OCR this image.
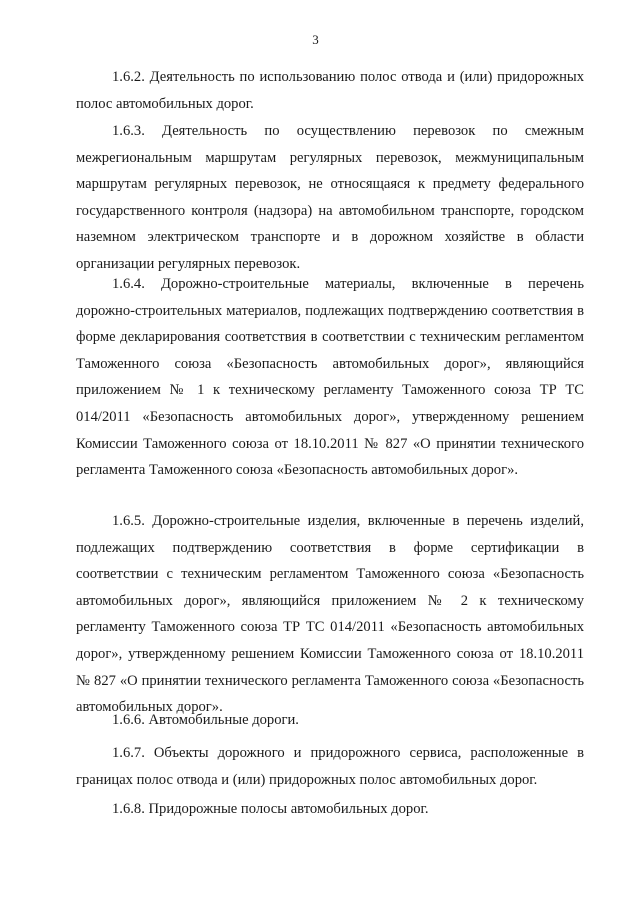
3

1.6.2. Деятельность по использованию полос отвода и (или) придорожных полос автомобильных дорог.

1.6.3. Деятельность по осуществлению перевозок по смежным межрегиональным маршрутам регулярных перевозок, межмуниципальным маршрутам регулярных перевозок, не относящаяся к предмету федерального государственного контроля (надзора) на автомобильном транспорте, городском наземном электрическом транспорте и в дорожном хозяйстве в области организации регулярных перевозок.

1.6.4. Дорожно-строительные материалы, включенные в перечень дорожно-строительных материалов, подлежащих подтверждению соответствия в форме декларирования соответствия в соответствии с техническим регламентом Таможенного союза «Безопасность автомобильных дорог», являющийся приложением № 1 к техническому регламенту Таможенного союза ТР ТС 014/2011 «Безопасность автомобильных дорог», утвержденному решением Комиссии Таможенного союза от 18.10.2011 № 827 «О принятии технического регламента Таможенного союза «Безопасность автомобильных дорог».

1.6.5. Дорожно-строительные изделия, включенные в перечень изделий, подлежащих подтверждению соответствия в форме сертификации в соответствии с техническим регламентом Таможенного союза «Безопасность автомобильных дорог», являющийся приложением № 2 к техническому регламенту Таможенного союза ТР ТС 014/2011 «Безопасность автомобильных дорог», утвержденному решением Комиссии Таможенного союза от 18.10.2011 № 827 «О принятии технического регламента Таможенного союза «Безопасность автомобильных дорог».

1.6.6. Автомобильные дороги.

1.6.7. Объекты дорожного и придорожного сервиса, расположенные в границах полос отвода и (или) придорожных полос автомобильных дорог.

1.6.8. Придорожные полосы автомобильных дорог.
